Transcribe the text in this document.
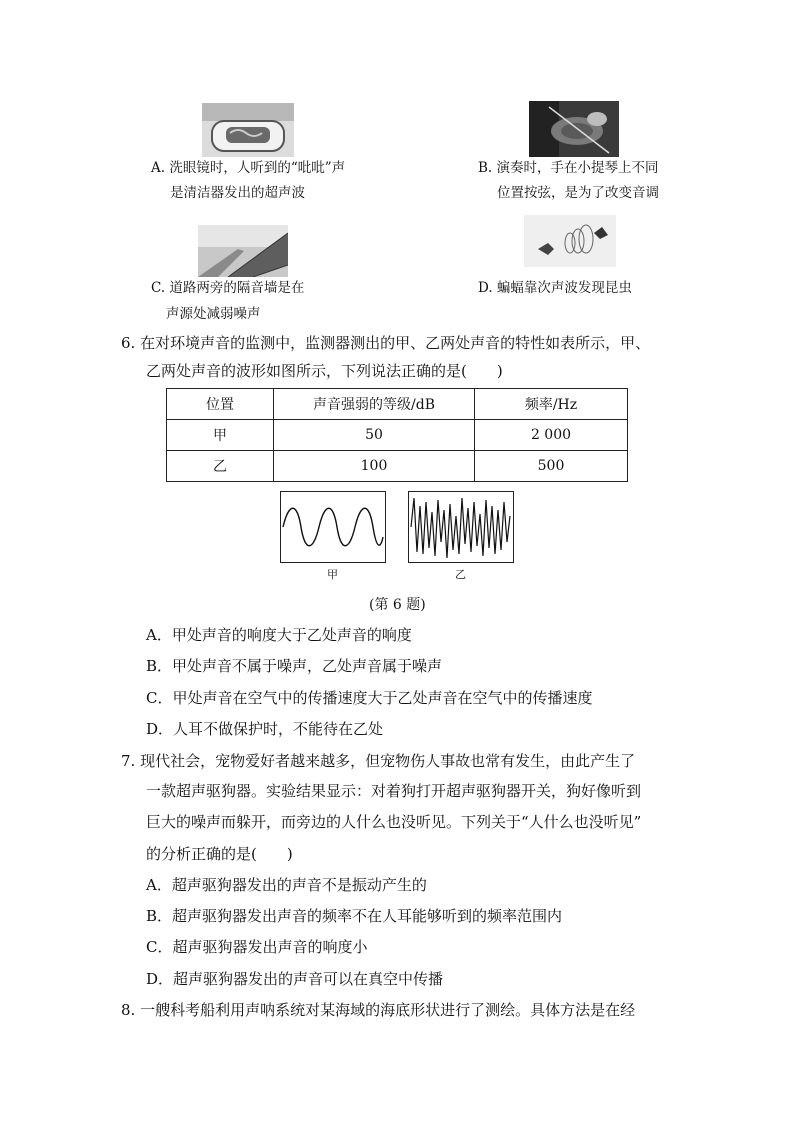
A. 洗眼镜时，人听到的“吡吡”声
是清洁器发出的超声波
B. 演奏时，手在小提琴上不同
位置按弦，是为了改变音调
C. 道路两旁的隔音墙是在
声源处减弱噪声
D. 蝙蝠靠次声波发现昆虫
6. 在对环境声音的监测中，监测器测出的甲、乙两处声音的特性如表所示，甲、
乙两处声音的波形如图所示，下列说法正确的是(　　)
位置	声音强弱的等级/dB	频率/Hz
甲	50	2 000
乙	100	500
甲	乙
(第 6 题)
A．甲处声音的响度大于乙处声音的响度
B．甲处声音不属于噪声，乙处声音属于噪声
C．甲处声音在空气中的传播速度大于乙处声音在空气中的传播速度
D．人耳不做保护时，不能待在乙处
7. 现代社会，宠物爱好者越来越多，但宠物伤人事故也常有发生，由此产生了
一款超声驱狗器。实验结果显示：对着狗打开超声驱狗器开关，狗好像听到
巨大的噪声而躲开，而旁边的人什么也没听见。下列关于“人什么也没听见”
的分析正确的是(　　)
A．超声驱狗器发出的声音不是振动产生的
B．超声驱狗器发出声音的频率不在人耳能够听到的频率范围内
C．超声驱狗器发出声音的响度小
D．超声驱狗器发出的声音可以在真空中传播
8. 一艘科考船利用声呐系统对某海域的海底形状进行了测绘。具体方法是在经
